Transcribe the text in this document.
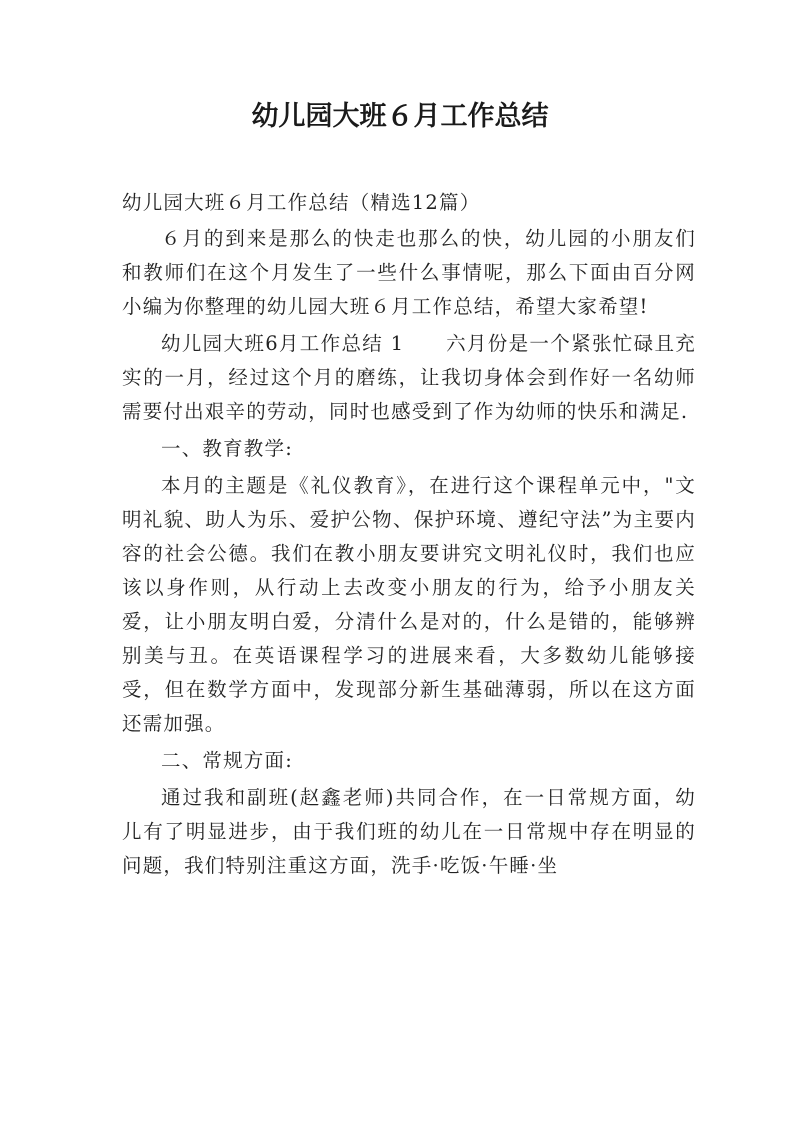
幼儿园大班６月工作总结

幼儿园大班６月工作总结（精选12篇）

６月的到来是那么的快走也那么的快，幼儿园的小朋友们和教师们在这个月发生了一些什么事情呢，那么下面由百分网小编为你整理的幼儿园大班６月工作总结，希望大家希望!

幼儿园大班6月工作总结 1　　六月份是一个紧张忙碌且充实的一月，经过这个月的磨练，让我切身体会到作好一名幼师需要付出艰辛的劳动，同时也感受到了作为幼师的快乐和满足.

一、教育教学:

本月的主题是《礼仪教育》，在进行这个课程单元中，"文明礼貌、助人为乐、爱护公物、保护环境、遵纪守法”为主要内容的社会公德。我们在教小朋友要讲究文明礼仪时，我们也应该以身作则，从行动上去改变小朋友的行为，给予小朋友关爱，让小朋友明白爱，分清什么是对的，什么是错的，能够辨别美与丑。在英语课程学习的进展来看，大多数幼儿能够接受，但在数学方面中，发现部分新生基础薄弱，所以在这方面还需加强。

二、常规方面:

通过我和副班(赵鑫老师)共同合作，在一日常规方面，幼儿有了明显进步，由于我们班的幼儿在一日常规中存在明显的问题，我们特别注重这方面，洗手·吃饭·午睡·坐
